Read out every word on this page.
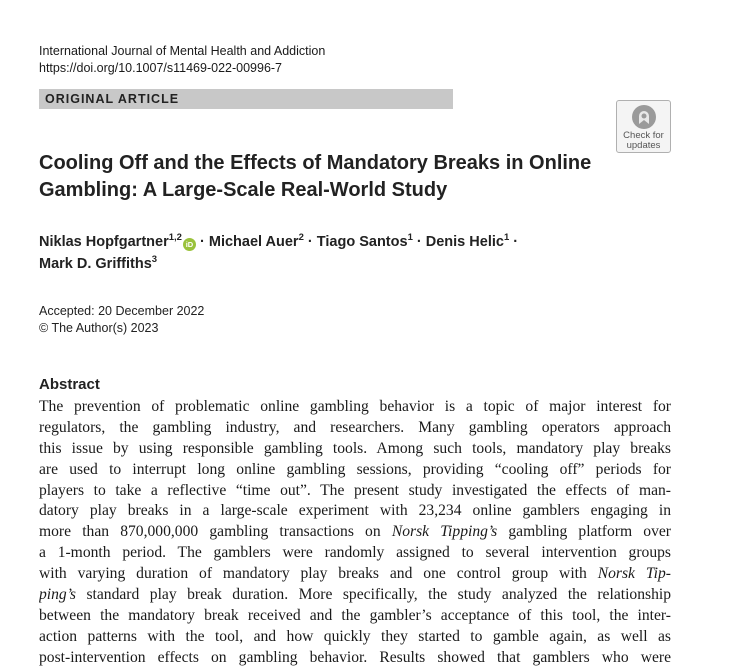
International Journal of Mental Health and Addiction
https://doi.org/10.1007/s11469-022-00996-7
ORIGINAL ARTICLE
Check for
updates
Cooling Off and the Effects of Mandatory Breaks in Online
Gambling: A Large-Scale Real-World Study
Niklas Hopfgartner$^{1,2}$iD · Michael Auer$^2$ · Tiago Santos$^1$ · Denis Helic$^1$ ·
Mark D. Griffiths$^3$
Accepted: 20 December 2022
© The Author(s) 2023
Abstract
The prevention of problematic online gambling behavior is a topic of major interest for
regulators, the gambling industry, and researchers. Many gambling operators approach
this issue by using responsible gambling tools. Among such tools, mandatory play breaks
are used to interrupt long online gambling sessions, providing “cooling off” periods for
players to take a reflective “time out”. The present study investigated the effects of man-
datory play breaks in a large-scale experiment with 23,234 online gamblers engaging in
more than 870,000,000 gambling transactions on Norsk Tipping’s gambling platform over
a 1-month period. The gamblers were randomly assigned to several intervention groups
with varying duration of mandatory play breaks and one control group with Norsk Tip-
ping’s standard play break duration. More specifically, the study analyzed the relationship
between the mandatory break received and the gambler’s acceptance of this tool, the inter-
action patterns with the tool, and how quickly they started to gamble again, as well as
post-intervention effects on gambling behavior. Results showed that gamblers who were
